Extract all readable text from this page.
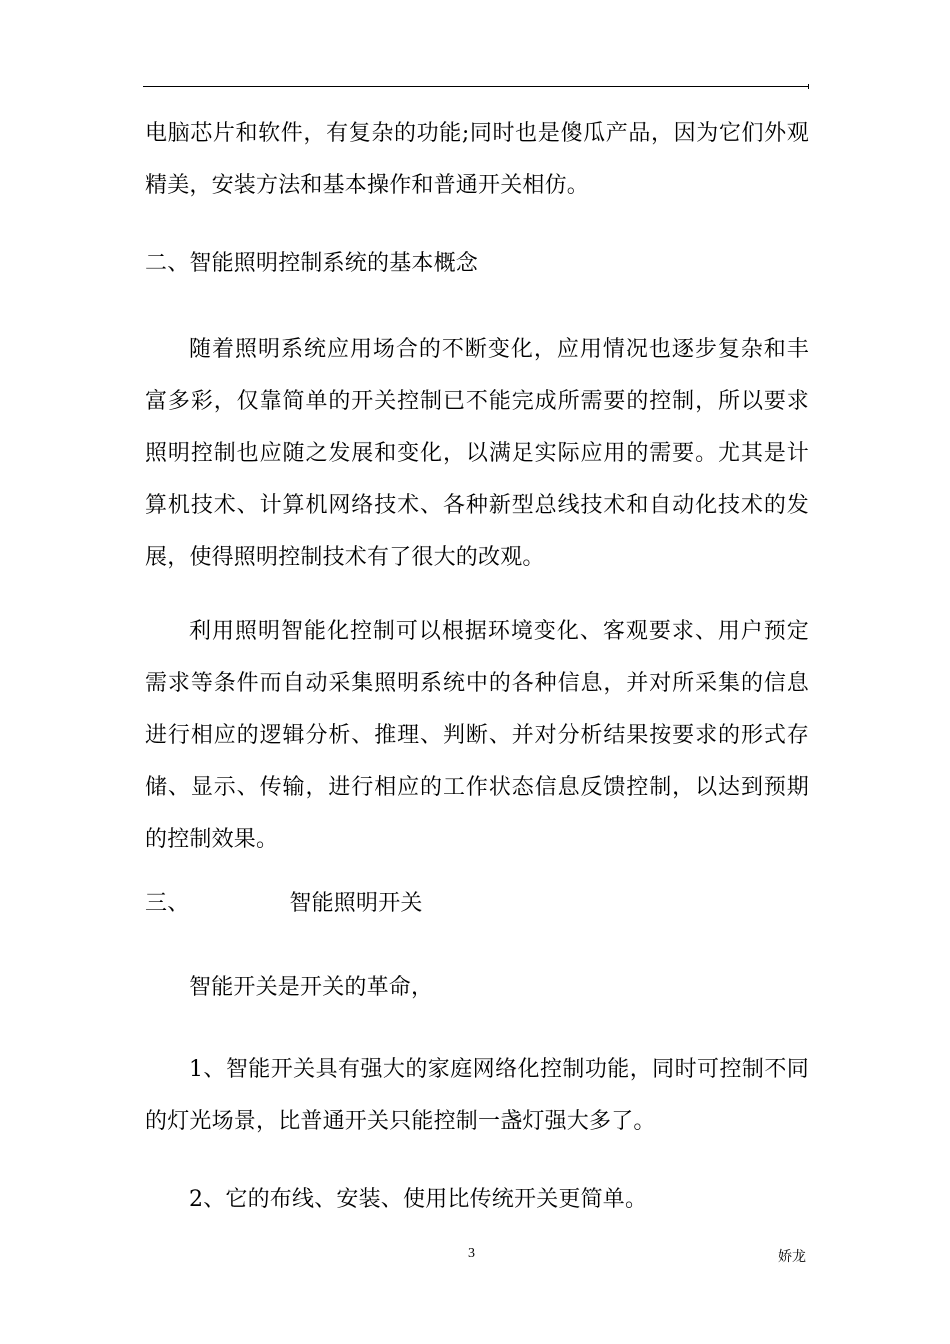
电脑芯片和软件，有复杂的功能;同时也是傻瓜产品，因为它们外观精美，安装方法和基本操作和普通开关相仿。
二、智能照明控制系统的基本概念
随着照明系统应用场合的不断变化，应用情况也逐步复杂和丰富多彩，仅靠简单的开关控制已不能完成所需要的控制，所以要求照明控制也应随之发展和变化，以满足实际应用的需要。尤其是计算机技术、计算机网络技术、各种新型总线技术和自动化技术的发展，使得照明控制技术有了很大的改观。
利用照明智能化控制可以根据环境变化、客观要求、用户预定需求等条件而自动采集照明系统中的各种信息，并对所采集的信息进行相应的逻辑分析、推理、判断、并对分析结果按要求的形式存储、显示、传输，进行相应的工作状态信息反馈控制，以达到预期的控制效果。
三、	智能照明开关
智能开关是开关的革命，
1、智能开关具有强大的家庭网络化控制功能，同时可控制不同的灯光场景，比普通开关只能控制一盏灯强大多了。
2、它的布线、安装、使用比传统开关更简单。
3	娇龙
